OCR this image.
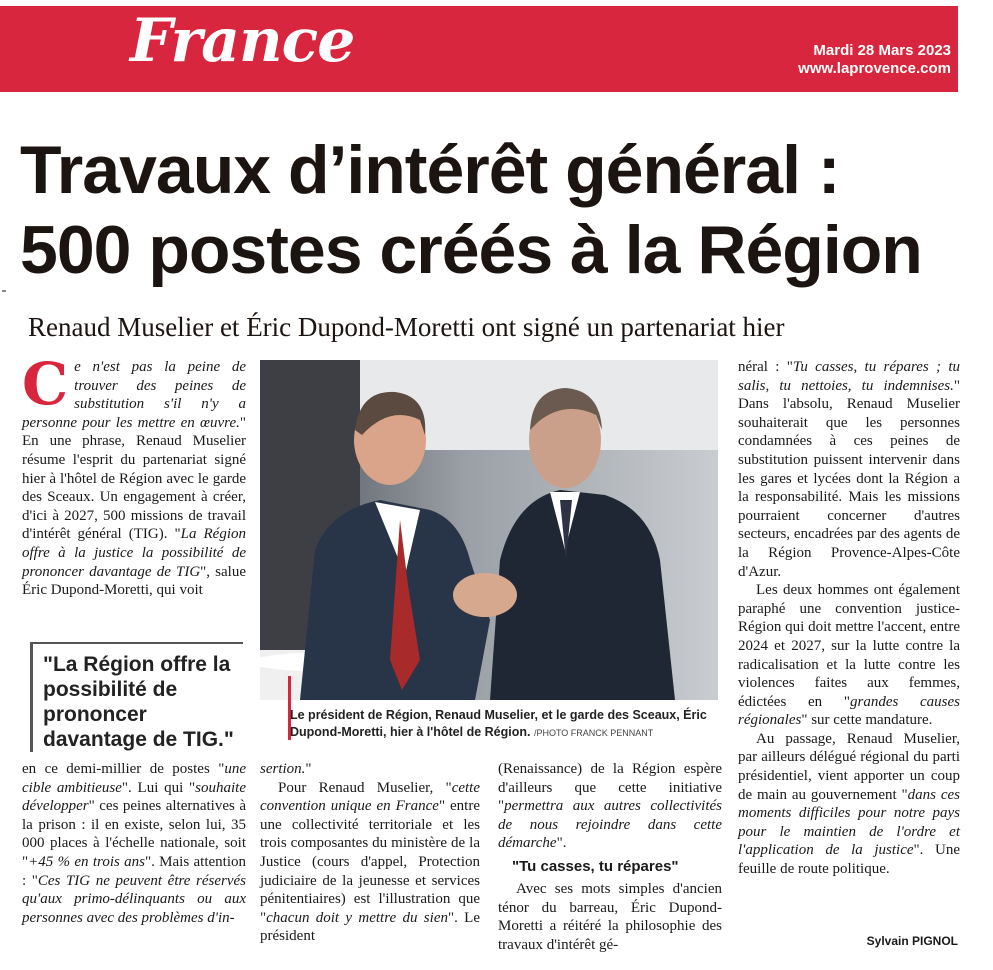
France	Mardi 28 Mars 2023
www.laprovence.com
Travaux d’intérêt général :
500 postes créés à la Région
Renaud Muselier et Éric Dupond-Moretti ont signé un partenariat hier
Ce n'est pas la peine de trouver des peines de substitution s'il n'y a personne pour les mettre en œuvre." En une phrase, Renaud Muselier résume l'esprit du partenariat signé hier à l'hôtel de Région avec le garde des Sceaux. Un engagement à créer, d'ici à 2027, 500 missions de travail d'intérêt général (TIG). "La Région offre à la justice la possibilité de prononcer davantage de TIG", salue Éric Dupond-Moretti, qui voit
"La Région offre la possibilité de prononcer davantage de TIG."
en ce demi-millier de postes "une cible ambitieuse". Lui qui "souhaite développer" ces peines alternatives à la prison : il en existe, selon lui, 35 000 places à l'échelle nationale, soit "+45 % en trois ans". Mais attention : "Ces TIG ne peuvent être réservés qu'aux primo-délinquants ou aux personnes avec des problèmes d'in-
Le président de Région, Renaud Muselier, et le garde des Sceaux, Éric Dupond-Moretti, hier à l'hôtel de Région. /PHOTO FRANCK PENNANT

sertion."

Pour Renaud Muselier, "cette convention unique en France" entre une collectivité territoriale et les trois composantes du ministère de la Justice (cours d'appel, Protection judiciaire de la jeunesse et services pénitentiaires) est l'illustration que "chacun doit y mettre du sien". Le président

(Renaissance) de la Région espère d'ailleurs que cette initiative "permettra aux autres collectivités de nous rejoindre dans cette démarche".
"Tu casses, tu répares"

Avec ses mots simples d'ancien ténor du barreau, Éric Dupond-Moretti a réitéré la philosophie des travaux d'intérêt gé-

néral : "Tu casses, tu répares ; tu salis, tu nettoies, tu indemnises." Dans l'absolu, Renaud Muselier souhaiterait que les personnes condamnées à ces peines de substitution puissent intervenir dans les gares et lycées dont la Région a la responsabilité. Mais les missions pourraient concerner d'autres secteurs, encadrées par des agents de la Région Provence-Alpes-Côte d'Azur.

Les deux hommes ont également paraphé une convention justice-Région qui doit mettre l'accent, entre 2024 et 2027, sur la lutte contre la radicalisation et la lutte contre les violences faites aux femmes, édictées en "grandes causes régionales" sur cette mandature.

Au passage, Renaud Muselier, par ailleurs délégué régional du parti présidentiel, vient apporter un coup de main au gouvernement "dans ces moments difficiles pour notre pays pour le maintien de l'ordre et l'application de la justice". Une feuille de route politique.

Sylvain PIGNOL
